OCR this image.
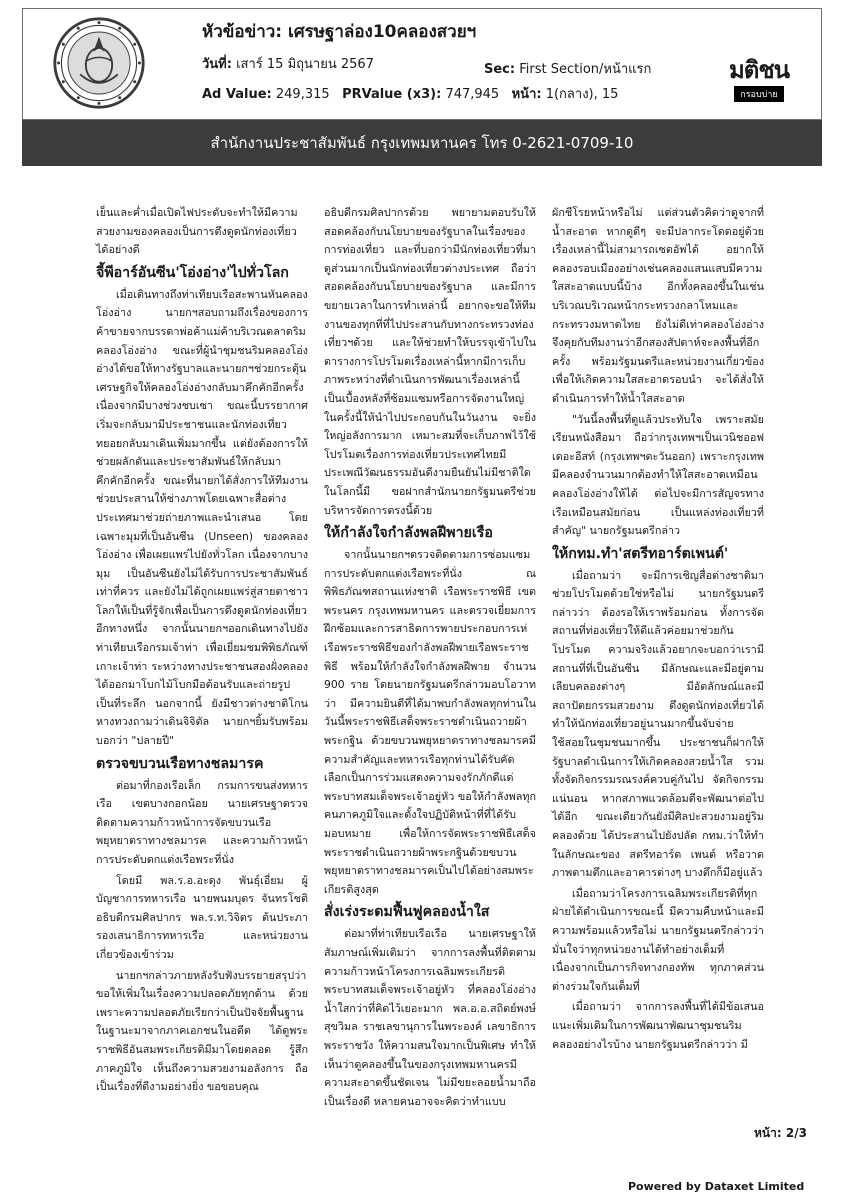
หัวข้อข่าว: เศรษฐาล่อง10คลองสวยฯ
วันที่: เสาร์ 15 มิถุนายน 2567	Sec: First Section/หน้าแรก
Ad Value: 249,315 PRValue (x3): 747,945 หน้า: 1(กลาง), 15
มติชน
กรอบบ่าย
สำนักงานประชาสัมพันธ์ กรุงเทพมหานคร โทร 0-2621-0709-10

เย็นและค่ำเมื่อเปิดไฟประดับจะทำให้มีความสวยงามของคลองเป็นการดึงดูดนักท่องเที่ยวได้อย่างดี

จี้พีอาร์อันซีน'โอ่งอ่าง'ไปทั่วโลก

เมื่อเดินทางถึงท่าเทียบเรือสะพานหันคลองโอ่งอ่าง นายกฯสอบถามถึงเรื่องของการค้าขายจากบรรดาพ่อค้าแม่ค้าบริเวณตลาดริมคลองโอ่งอ่าง ขณะที่ผู้นำชุมชนริมคลองโอ่งอ่างได้ขอให้ทางรัฐบาลและนายกฯช่วยกระตุ้นเศรษฐกิจให้คลองโอ่งอ่างกลับมาคึกคักอีกครั้ง เนื่องจากมีบางช่วงชบเซา ขณะนี้บรรยากาศเริ่มจะกลับมามีประชาชนและนักท่องเที่ยวทยอยกลับมาเดินเพิ่มมากขึ้น แต่ยังต้องการให้ช่วยผลักดันและประชาสัมพันธ์ให้กลับมาคึกคักอีกครั้ง ขณะที่นายกได้สั่งการให้ทีมงาน ช่วยประสานให้ช่างภาพโดยเฉพาะสื่อต่างประเทศมาช่วยถ่ายภาพและนำเสนอ โดยเฉพาะมุมที่เป็นอันซีน (Unseen) ของคลองโอ่งอ่าง เพื่อเผยแพร่ไปยังทั่วโลก เนื่องจากบางมุม เป็นอันซีนยังไม่ได้รับการประชาสัมพันธ์เท่าที่ควร และยังไม่ได้ถูกเผยแพร่สู่สายตาชาวโลกให้เป็นที่รู้จักเพื่อเป็นการดึงดูดนักท่องเที่ยวอีกทางหนึ่ง จากนั้นนายกฯออกเดินทางไปยังท่าเทียบเรือกรมเจ้าท่า เพื่อเยี่ยมชมพิพิธภัณฑ์เกาะเจ้าท่า ระหว่างทางประชาชนสองฝั่งคลองได้ออกมาโบกไม้โบกมือต้อนรับและถ่ายรูปเป็นที่ระลึก นอกจากนี้ ยังมีชาวต่างชาติโกนหางทวงถามว่าเดินจิจิตัล นายกฯยิ้มรับพร้อมบอกว่า "ปลายปี"

ตรวจขบวนเรือทางชลมารค

ต่อมาที่กองเรือเล็ก กรมการขนส่งทหารเรือ เขตบางกอกน้อย นายเศรษฐาตรวจติดตามความก้าวหน้าการจัดขบวนเรือพยุหยาตราทางชลมารค และความก้าวหน้าการประดับตกแต่งเรือพระที่นั่ง

โดยมี พล.ร.อ.อะดุง พันธุ์เอี่ยม ผู้บัญชาการทหารเรือ นายพนมบุตร จันทรโชติ อธิบดีกรมศิลปากร พล.ร.ท.วิจิตร ต้นประภา รองเสนาธิการทหารเรือ และหน่วยงานเกี่ยวข้องเข้าร่วม

นายกฯกล่าวภายหลังรับฟังบรรยายสรุปว่า ขอให้เพิ่มในเรื่องความปลอดภัยทุกด้าน ด้วย เพราะความปลอดภัยเรียกว่าเป็นปัจจัยพื้นฐาน ในฐานะมาจากภาคเอกชนในอดีต ได้ดูพระราชพิธีอันสมพระเกียรติมีมาโดยตลอด รู้สึกภาคภูมิใจ เห็นถึงความสวยงามอลังการ ถือเป็นเรื่องที่ดีงามอย่างยิ่ง ขอขอบคุณ

อธิบดีกรมศิลปากรด้วย พยายามตอบรับให้สอดคล้องกับนโยบายของรัฐบาลในเรื่องของการท่องเที่ยว และที่บอกว่ามีนักท่องเที่ยวที่มาดูส่วนมากเป็นนักท่องเที่ยวต่างประเทศ ถือว่าสอดคล้องกับนโยบายของรัฐบาล และมีการขยายเวลาในการทำเหล่านี้ อยากจะขอให้ทีมงานของทุกที่ที่ไปประสานกับทางกระทรวงท่องเที่ยวฯด้วย และให้ช่วยทำให้บรรจุเข้าไปในตารางการโปรโมตเรื่องเหล่านี้หากมีการเก็บภาพระหว่างที่ดำเนินการพัฒนาเรื่องเหล่านี้ เป็นเบื้องหลังที่ซ้อมแซมหรือการจัดงานใหญ่ในครั้งนี้ให้นำไปประกอบกันในวันงาน จะยิ่งใหญ่อลังการมาก เหมาะสมที่จะเก็บภาพไว้ใช้โปรโมตเรื่องการท่องเที่ยวประเทศไทยมีประเพณีวัฒนธรรมอันดีงามยืนยันไม่มีชาติใดในโลกนี้มี ขอฝากสำนักนายกรัฐมนตรีช่วยบริหารจัดการตรงนี้ด้วย

ให้กำลังใจกำลังพลฝีพายเรือ

จากนั้นนายกฯตรวจติดตามการซ่อมแซมการประดับตกแต่งเรือพระที่นั่ง ณ พิพิธภัณฑสถานแห่งชาติ เรือพระราชพิธี เขตพระนคร กรุงเทพมหานคร และตรวจเยี่ยมการฝึกซ้อมและการสาธิตการพายประกอบการเห่เรือพระราชพิธีของกำลังพลฝีพายเรือพระราชพิธี พร้อมให้กำลังใจกำลังพลฝีพาย จำนวน 900 ราย โดยนายกรัฐมนตรีกล่าวมอบโอวาทว่า มีความยินดีที่ได้มาพบกำลังพลทุกท่านในวันนี้พระราชพิธีเสด็จพระราชดำเนินถวายผ้าพระกฐิน ด้วยขบวนพยุหยาตราทางชลมารคมีความสำคัญและทหารเรือทุกท่านได้รับคัดเลือกเป็นการร่วมแสดงความจงรักภักดีแด่พระบาทสมเด็จพระเจ้าอยู่หัว ขอให้กำลังพลทุกคนภาคภูมิใจและตั้งใจปฏิบัติหน้าที่ที่ได้รับมอบหมาย เพื่อให้การจัดพระราชพิธีเสด็จพระราชดำเนินถวายผ้าพระกฐินด้วยขบวนพยุหยาตราทางชลมารคเป็นไปได้อย่างสมพระเกียรติสูงสุด

สั่งเร่งระดมฟื้นฟูคลองน้ำใส

ต่อมาที่ท่าเทียบเรือเรือ นายเศรษฐาให้สัมภาษณ์เพิ่มเติมว่า จากการลงพื้นที่ติดตามความก้าวหน้าโครงการเฉลิมพระเกียรติพระบาทสมเด็จพระเจ้าอยู่หัว ที่คลองโอ่งอ่างน้ำใสกว่าที่คิดไว้เยอะมาก พล.อ.อ.สถิตย์พงษ์ สุขวิมล ราชเลขานุการในพระองค์ เลขาธิการพระราชวัง ให้ความสนใจมากเป็นพิเศษ ทำให้เห็นว่าดูคลองขึ้นในของกรุงเทพมหานครมีความสะอาดขึ้นชัดเจน ไม่มีขยะลอยน้ำมาถือเป็นเรื่องดี หลายคนอาจจะคิดว่าทำแบบ

ผักชีโรยหน้าหรือไม่ แต่ส่วนตัวคิดว่าดูจากที่น้ำสะอาด หากดูดีๆ จะมีปลากระโดดอยู่ด้วย เรื่องเหล่านี้ไม่สามารถเซตอัพได้ อยากให้คลองรอบเมืองอย่างเช่นคลองแสนแสบมีความใสสะอาดแบบนี้บ้าง อีกทั้งคลองขึ้นในเช่นบริเวณบริเวณหน้ากระทรวงกลาโหมและกระทรวงมหาดไทย ยังไม่ดีเท่าคลองโอ่งอ่าง จึงคุยกับทีมงานว่าอีกสองสัปดาห์จะลงพื้นที่อีกครั้ง พร้อมรัฐมนตรีและหน่วยงานเกี่ยวข้อง เพื่อให้เกิดความใสสะอาดรอบนำ จะได้สั่งให้ดำเนินการทำให้น้ำใสสะอาด

"วันนี้ลงพื้นที่ดูแล้วประทับใจ เพราะสมัยเรียนหนังสือมา ถือว่ากรุงเทพฯเป็นเวนิชออฟเดอะอีสท์ (กรุงเทพฯตะวันออก) เพราะกรุงเทพมีคลองจำนวนมากต้องทำให้ใสสะอาดเหมือนคลองโอ่งอ่างให้ได้ ต่อไปจะมีการสัญจรทางเรือเหมือนสมัยก่อน เป็นแหล่งท่องเที่ยวที่สำคัญ" นายกรัฐมนตรีกล่าว

ให้กทม.ทำ'สตรีทอาร์ตเพนต์'

เมื่อถามว่า จะมีการเชิญสื่อต่างชาติมาช่วยโปรโมตด้วยใช่หรือไม่ นายกรัฐมนตรีกล่าวว่า ต้องรอให้เราพร้อมก่อน ทั้งการจัดสถานที่ท่องเที่ยวให้ดีแล้วค่อยมาช่วยกันโปรโมต ความจริงแล้วอยากจะบอกว่าเรามีสถานที่ที่เป็นอันซีน มีลักษณะและมีอยู่ตามเลียบคลองต่างๆ มีอัตลักษณ์และมีสถาปัตยกรรมสวยงาม ดึงดูดนักท่องเที่ยวได้ ทำให้นักท่องเที่ยวอยู่นานมากขึ้นจับจ่ายใช้สอยในชุมชนมากขึ้น ประชาชนก็ฝากให้รัฐบาลดำเนินการให้เกิดคลองสวยน้ำใส รวมทั้งจัดกิจกรรมรณรงค์ควบคู่กันไป จัดกิจกรรมแน่นอน หากสภาพแวดล้อมดีจะพัฒนาต่อไปได้อีก ขณะเดียวกันยังมีศิลปะสวยงามอยู่ริมคลองด้วย ได้ประสานไปยังปลัด กทม.ว่าให้ทำในลักษณะของ สตรีทอาร์ต เพนต์ หรือวาดภาพตามตึกและอาคารต่างๆ บางตึกก็มีอยู่แล้ว

เมื่อถามว่าโครงการเฉลิมพระเกียรติที่ทุกฝ่ายได้ดำเนินการขณะนี้ มีความคืบหน้าและมีความพร้อมแล้วหรือไม่ นายกรัฐมนตรีกล่าวว่ามั่นใจว่าทุกหน่วยงานได้ทำอย่างเต็มที่ เนื่องจากเป็นภารกิจทางกองทัพ ทุกภาคส่วนต่างร่วมใจกันเต็มที่

เมื่อถามว่า จากการลงพื้นที่ได้มีข้อเสนอแนะเพิ่มเติมในการพัฒนาพัฒนาชุมชนริมคลองอย่างไรบ้าง นายกรัฐมนตรีกล่าวว่า มี

หน้า: 2/3
Powered by Dataxet Limited
